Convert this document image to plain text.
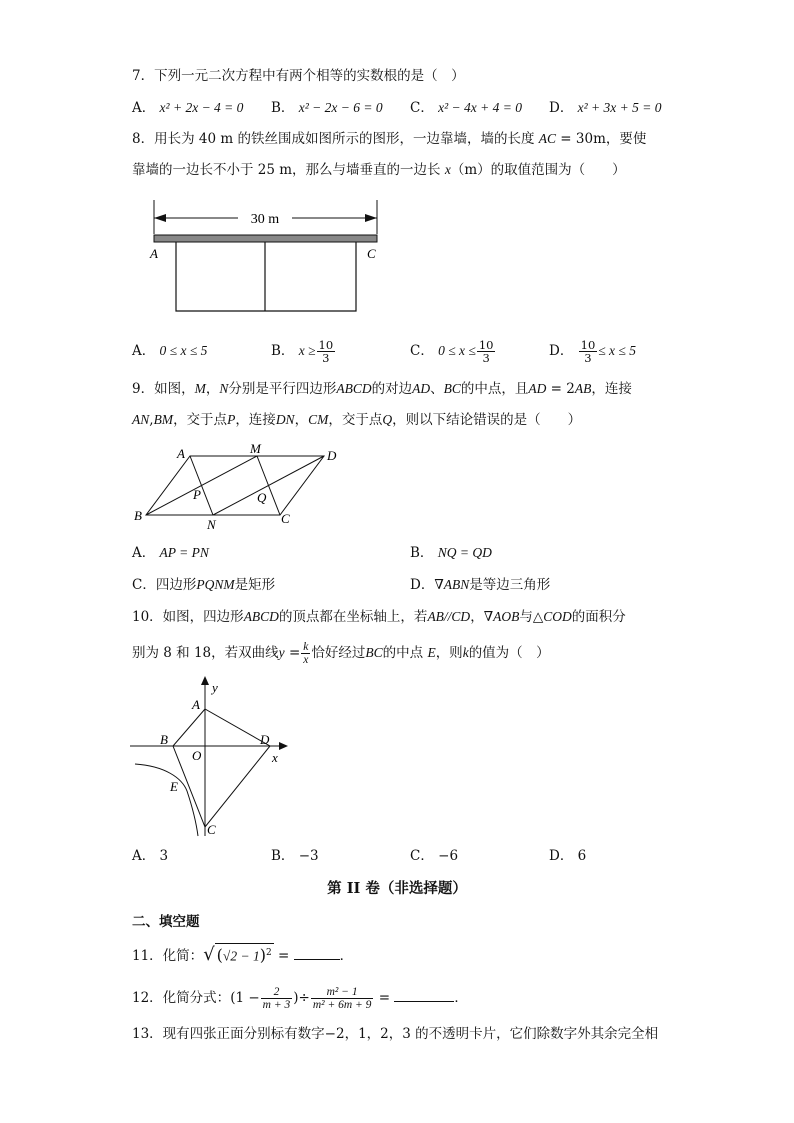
7．下列一元二次方程中有两个相等的实数根的是（　）
A． x² + 2x − 4 = 0 B． x² − 2x − 6 = 0 C． x² − 4x + 4 = 0 D． x² + 3x + 5 = 0
8．用长为 40 m 的铁丝围成如图所示的图形，一边靠墙，墙的长度 AC = 30m，要使
靠墙的一边长不小于 25 m，那么与墙垂直的一边长 x（m）的取值范围为（　　）
30 m
A	C
A． 0 ≤ x ≤ 5	B． $x \ge \frac{10}{3}$	C． $0 \le x \le \frac{10}{3}$	D． $\frac{10}{3} \le x \le 5$
9．如图，M，N分别是平行四边形ABCD的对边AD、BC的中点，且AD = 2AB，连接
AN,BM，交于点P，连接DN，CM，交于点Q，则以下结论错误的是（　　）
A	M	D
B
N	C
P	Q
A． AP = PN	B． NQ = QD
C．四边形PQNM是矩形	D．∇ABN是等边三角形
10．如图，四边形ABCD的顶点都在坐标轴上，若AB//CD，∇AOB与△COD的面积分
别为 8 和 18，若双曲线$y = \frac{k}{x}$ 恰好经过BC的中点 E，则k的值为（　）
y
x
A
B
O
D
E
C
A． 3	B． −3	C． −6	D． 6
第 II 卷（非选择题）
二、填空题
11．化简：√ $(√2 - 1)^2$ =	．
12．化简分式：($1 - \frac{2}{m + 3}$ )÷ $\frac{\text{m² − 1}}{\text{m² + 6m + 9}}$ =	．
13．现有四张正面分别标有数字−2，1，2，3 的不透明卡片，它们除数字外其余完全相
